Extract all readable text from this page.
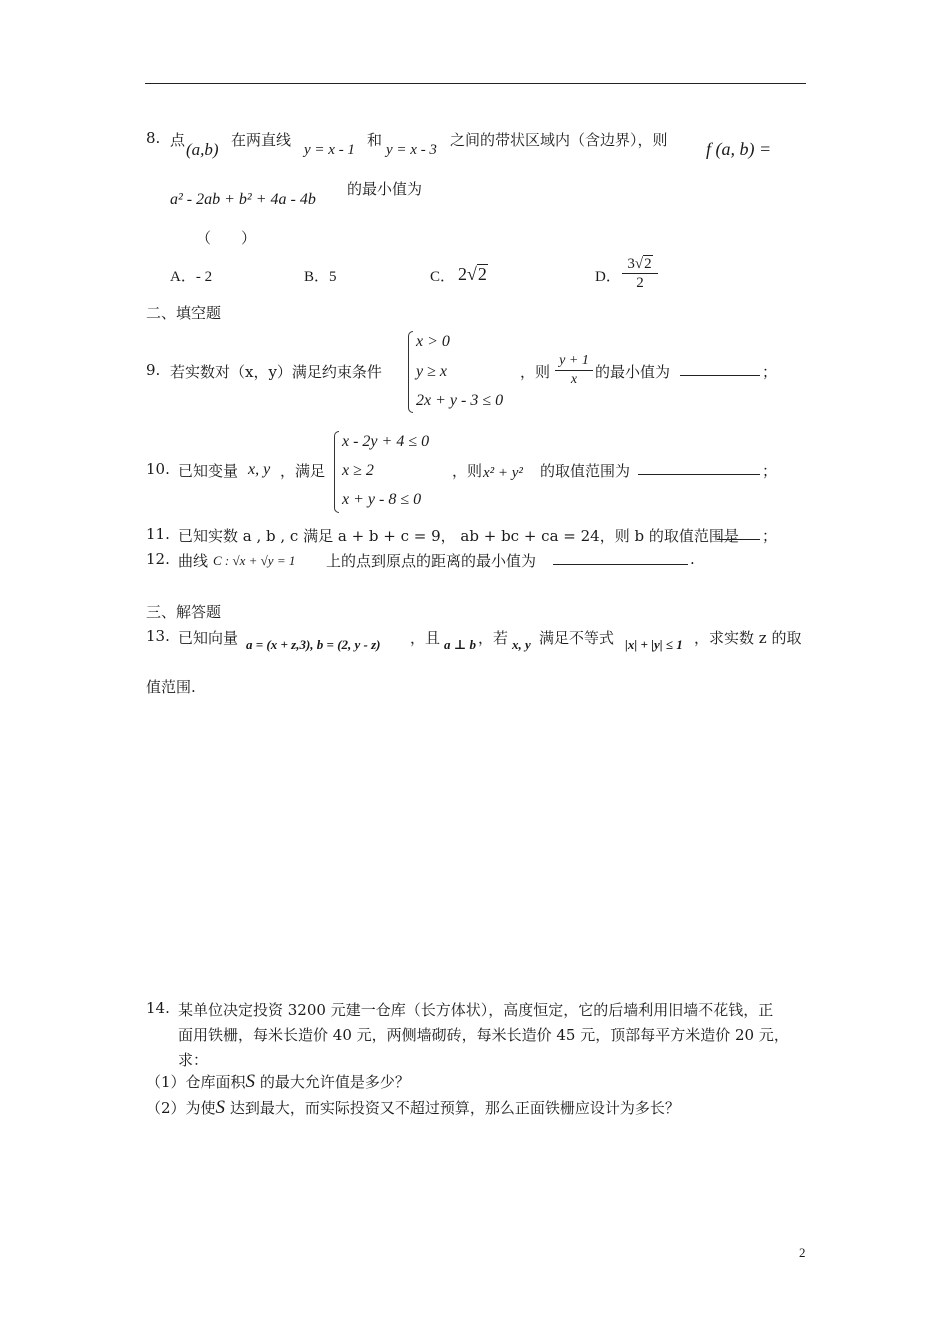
8. 点 (a,b) 在两直线
y = x - 1
和
y = x - 3
之间的带状区域内（含边界），则 f (a, b) =
a² - 2ab + b² + 4a - 4b
的最小值为
（　　）
A．- 2	B．5	C． 2√2	D． $\frac{3√2}{2}$
二、填空题
9. 若实数对（x，y）满足约束条件
x > 0
y ≥ x
2x + y - 3 ≤ 0
，则 $\frac{y + 1}{x}$ 的最小值为	；
10. 已知变量 x, y ，满足
x - 2y + 4 ≤ 0
x ≥ 2
x + y - 8 ≤ 0
，则 x² + y² 的取值范围为	；
11. 已知实数 a , b , c 满足 a + b + c = 9， ab + bc + ca = 24，则 b 的取值范围是 ；
12. 曲线 C : √x + √y = 1 上的点到原点的距离的最小值为	.
三、解答题
13. 已知向量 a = (x + z,3), b = (2, y - z) ，且 a ⊥ b ，若 x, y 满足不等式 |x| + |y| ≤ 1 ，求实数 z 的取
值范围.
14. 某单位决定投资 3200 元建一仓库（长方体状），高度恒定，它的后墙利用旧墙不花钱，正
面用铁栅，每米长造价 40 元，两侧墙砌砖，每米长造价 45 元，顶部每平方米造价 20 元，
求：
（1）仓库面积S 的最大允许值是多少？
（2）为使S 达到最大，而实际投资又不超过预算，那么正面铁栅应设计为多长？
2
